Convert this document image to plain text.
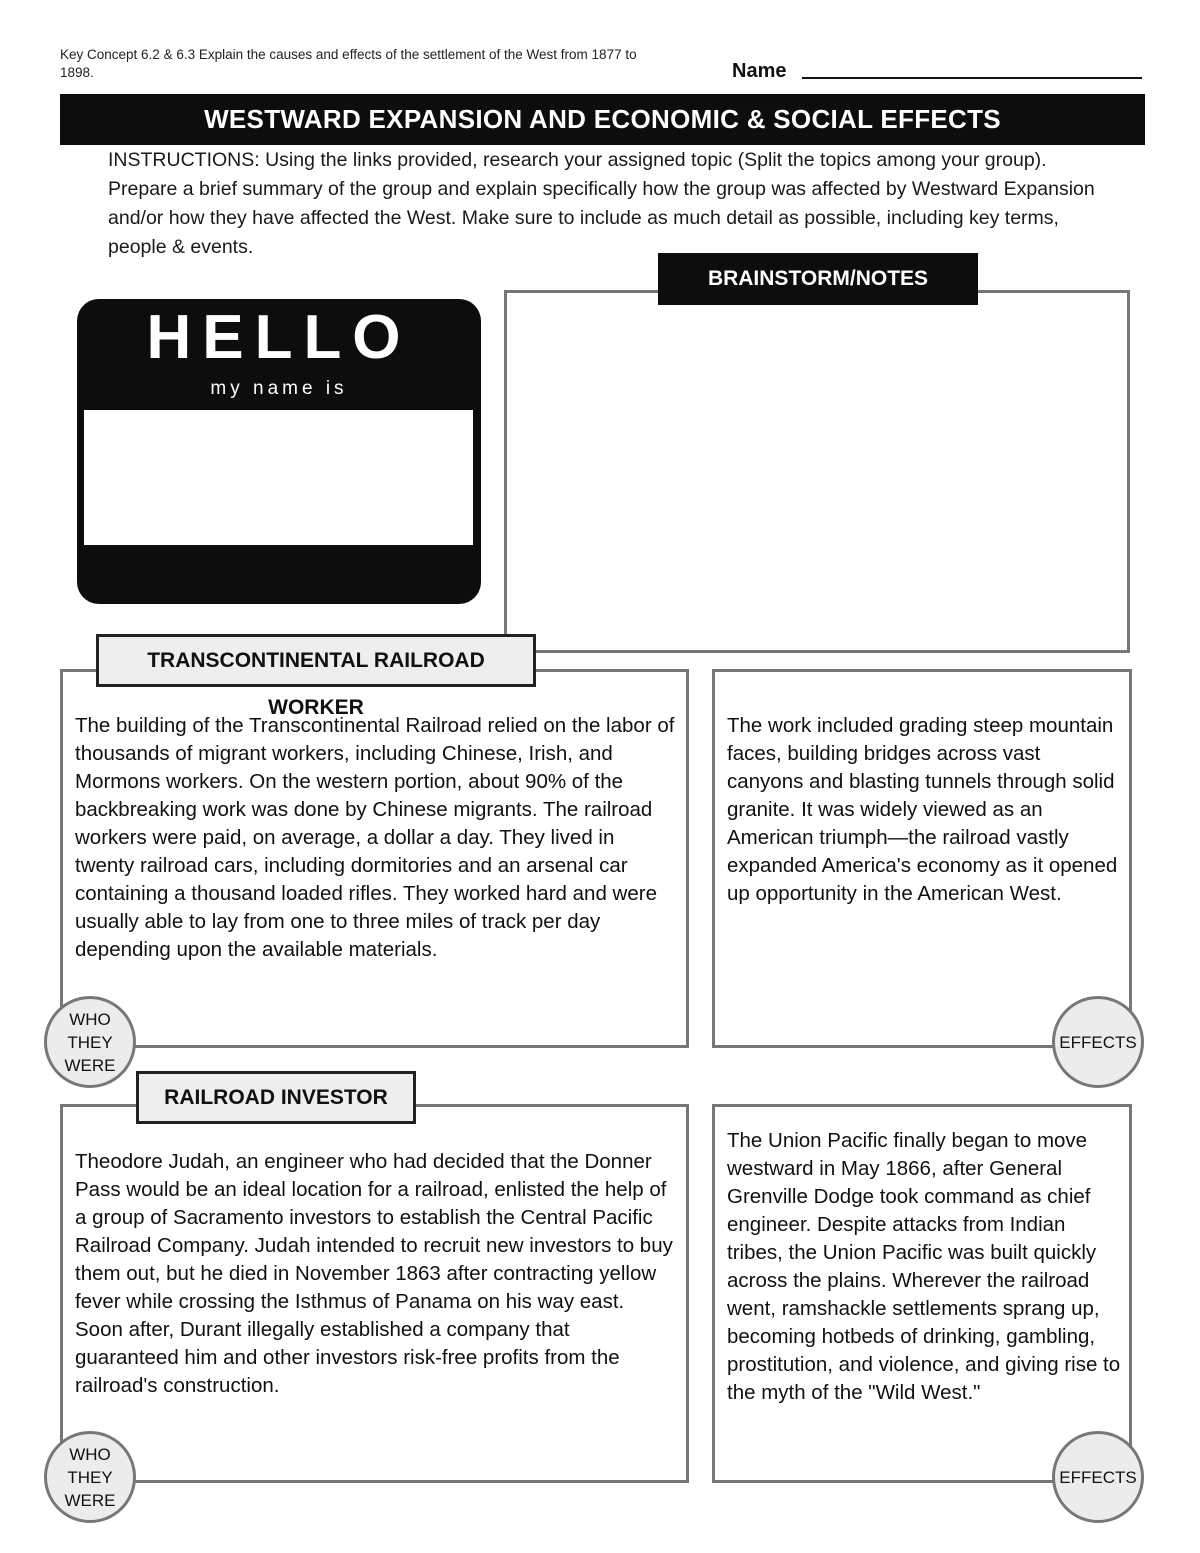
Key Concept 6.2 & 6.3 Explain the causes and effects of the settlement of the West from 1877 to 1898.	Name
WESTWARD EXPANSION AND ECONOMIC & SOCIAL EFFECTS
INSTRUCTIONS: Using the links provided, research your assigned topic (Split the topics among your group). Prepare a brief summary of the group and explain specifically how the group was affected by Westward Expansion and/or how they have affected the West. Make sure to include as much detail as possible, including key terms, people & events.
BRAINSTORM/NOTES
HELLO
my name is
TRANSCONTINENTAL RAILROAD WORKER
The building of the Transcontinental Railroad relied on the labor of thousands of migrant workers, including Chinese, Irish, and Mormons workers. On the western portion, about 90% of the backbreaking work was done by Chinese migrants. The railroad workers were paid, on average, a dollar a day. They lived in twenty railroad cars, including dormitories and an arsenal car containing a thousand loaded rifles. They worked hard and were usually able to lay from one to three miles of track per day depending upon the available materials.
The work included grading steep mountain faces, building bridges across vast canyons and blasting tunnels through solid granite. It was widely viewed as an American triumph—the railroad vastly expanded America's economy as it opened up opportunity in the American West.
WHO
THEY
WERE
EFFECTS
RAILROAD INVESTOR
Theodore Judah, an engineer who had decided that the Donner Pass would be an ideal location for a railroad, enlisted the help of a group of Sacramento investors to establish the Central Pacific Railroad Company. Judah intended to recruit new investors to buy them out, but he died in November 1863 after contracting yellow fever while crossing the Isthmus of Panama on his way east. Soon after, Durant illegally established a company that guaranteed him and other investors risk-free profits from the railroad's construction.
The Union Pacific finally began to move westward in May 1866, after General Grenville Dodge took command as chief engineer. Despite attacks from Indian tribes, the Union Pacific was built quickly across the plains. Wherever the railroad went, ramshackle settlements sprang up, becoming hotbeds of drinking, gambling, prostitution, and violence, and giving rise to the myth of the "Wild West."
WHO
THEY
WERE
EFFECTS
